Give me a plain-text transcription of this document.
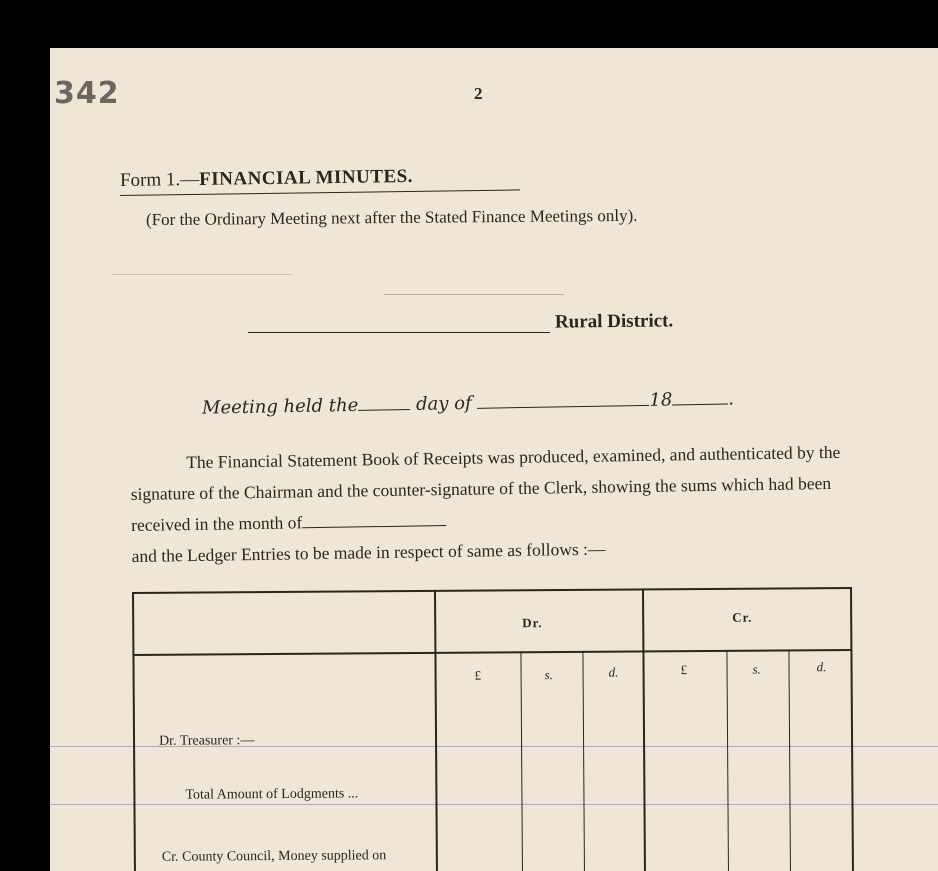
342	2
Form 1.—FINANCIAL MINUTES.
(For the Ordinary Meeting next after the Stated Finance Meetings only).
Rural District.
Meeting held the	day of	18	.
The Financial Statement Book of Receipts was produced, examined, and authenticated by the signature of the Chairman and the counter-signature of the Clerk, showing the sums which had been received in the month of
and the Ledger Entries to be made in respect of same as follows :—
Dr.	Cr.
£	s.	d.	£	s.	d.
Dr. Treasurer :—
Total Amount of Lodgments ...
Cr. County Council, Money supplied on
